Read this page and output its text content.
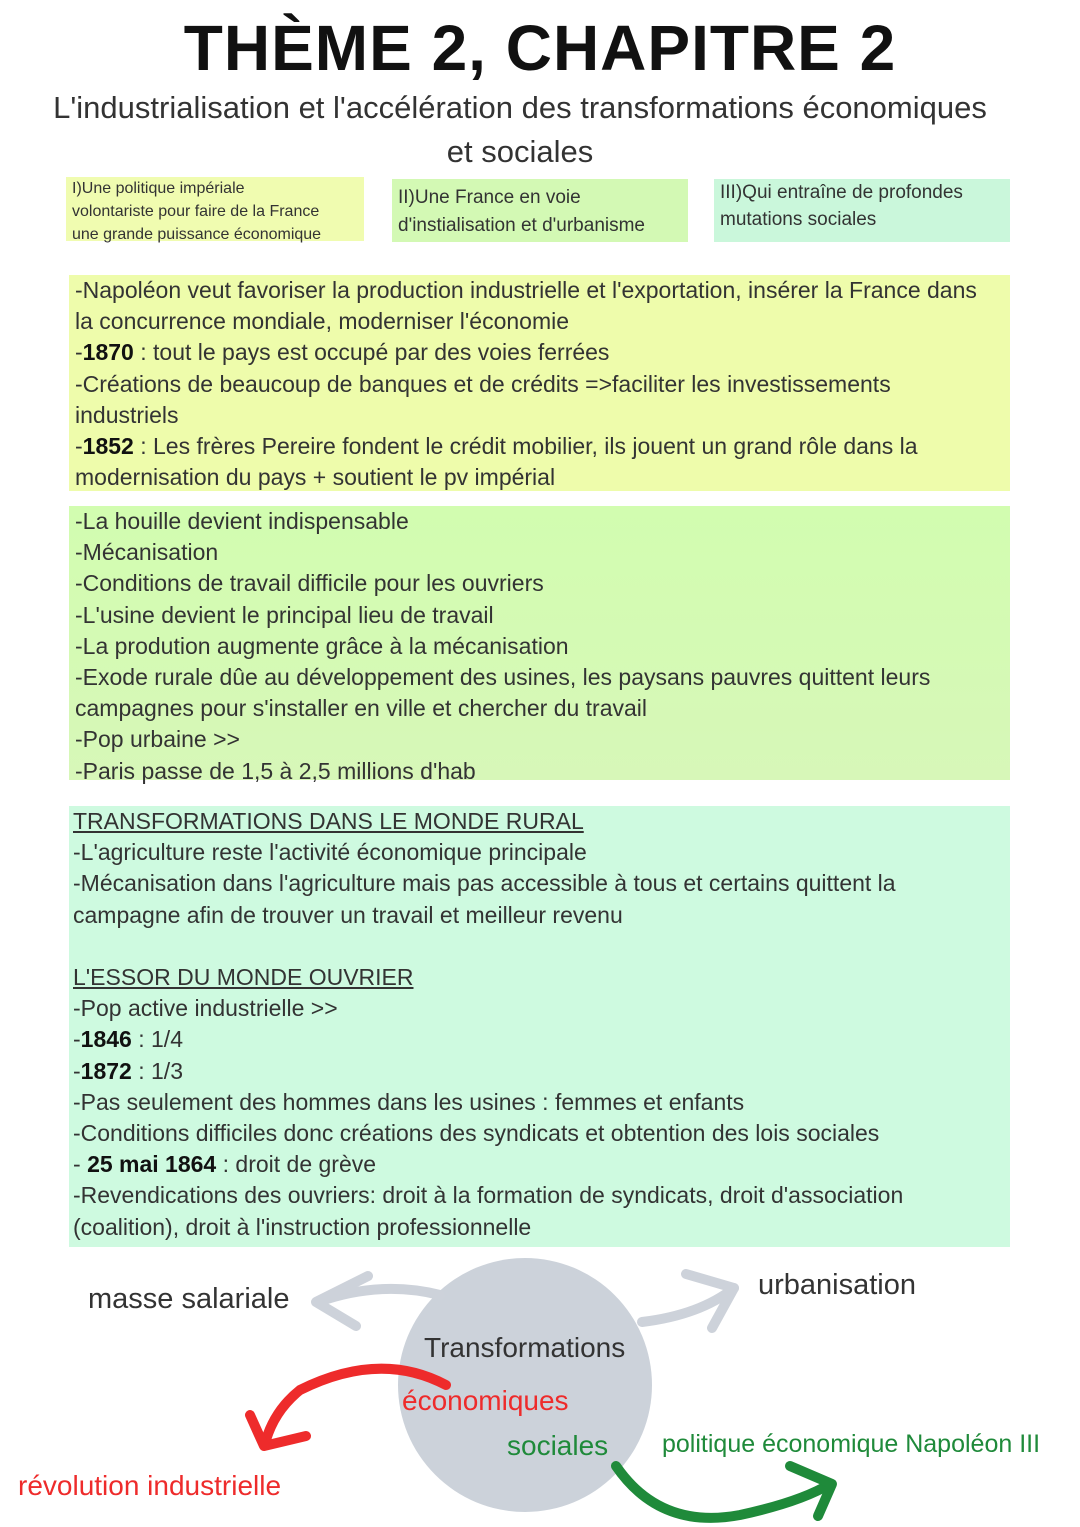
THÈME 2, CHAPITRE 2
L'industrialisation et l'accélération des transformations économiques
et sociales
I)Une politique impériale
volontariste pour faire de la France
une grande puissance économique
II)Une France en voie
d'instialisation et d'urbanisme
III)Qui entraîne de profondes
mutations sociales
-Napoléon veut favoriser la production industrielle et l'exportation, insérer la France dans
la concurrence mondiale, moderniser l'économie
-1870 : tout le pays est occupé par des voies ferrées
-Créations de beaucoup de banques et de crédits =>faciliter les investissements
industriels
-1852 : Les frères Pereire fondent le crédit mobilier, ils jouent un grand rôle dans la
modernisation du pays + soutient le pv impérial
-La houille devient indispensable
-Mécanisation
-Conditions de travail difficile pour les ouvriers
-L'usine devient le principal lieu de travail
-La prodution augmente grâce à la mécanisation
-Exode rurale dûe au développement des usines, les paysans pauvres quittent leurs
campagnes pour s'installer en ville et chercher du travail
-Pop urbaine >>
-Paris passe de 1,5 à 2,5 millions d'hab
TRANSFORMATIONS DANS LE MONDE RURAL
-L'agriculture reste l'activité économique principale
-Mécanisation dans l'agriculture mais pas accessible à tous et certains quittent la
campagne afin de trouver un travail et meilleur revenu
L'ESSOR DU MONDE OUVRIER
-Pop active industrielle >>
-1846 : 1/4
-1872 : 1/3
-Pas seulement des hommes dans les usines : femmes et enfants
-Conditions difficiles donc créations des syndicats et obtention des lois sociales
- 25 mai 1864 : droit de grève
-Revendications des ouvriers: droit à la formation de syndicats, droit d'association
(coalition), droit à l'instruction professionnelle
masse salariale	urbanisation
Transformations
économiques
sociales
révolution industrielle
politique économique Napoléon III
